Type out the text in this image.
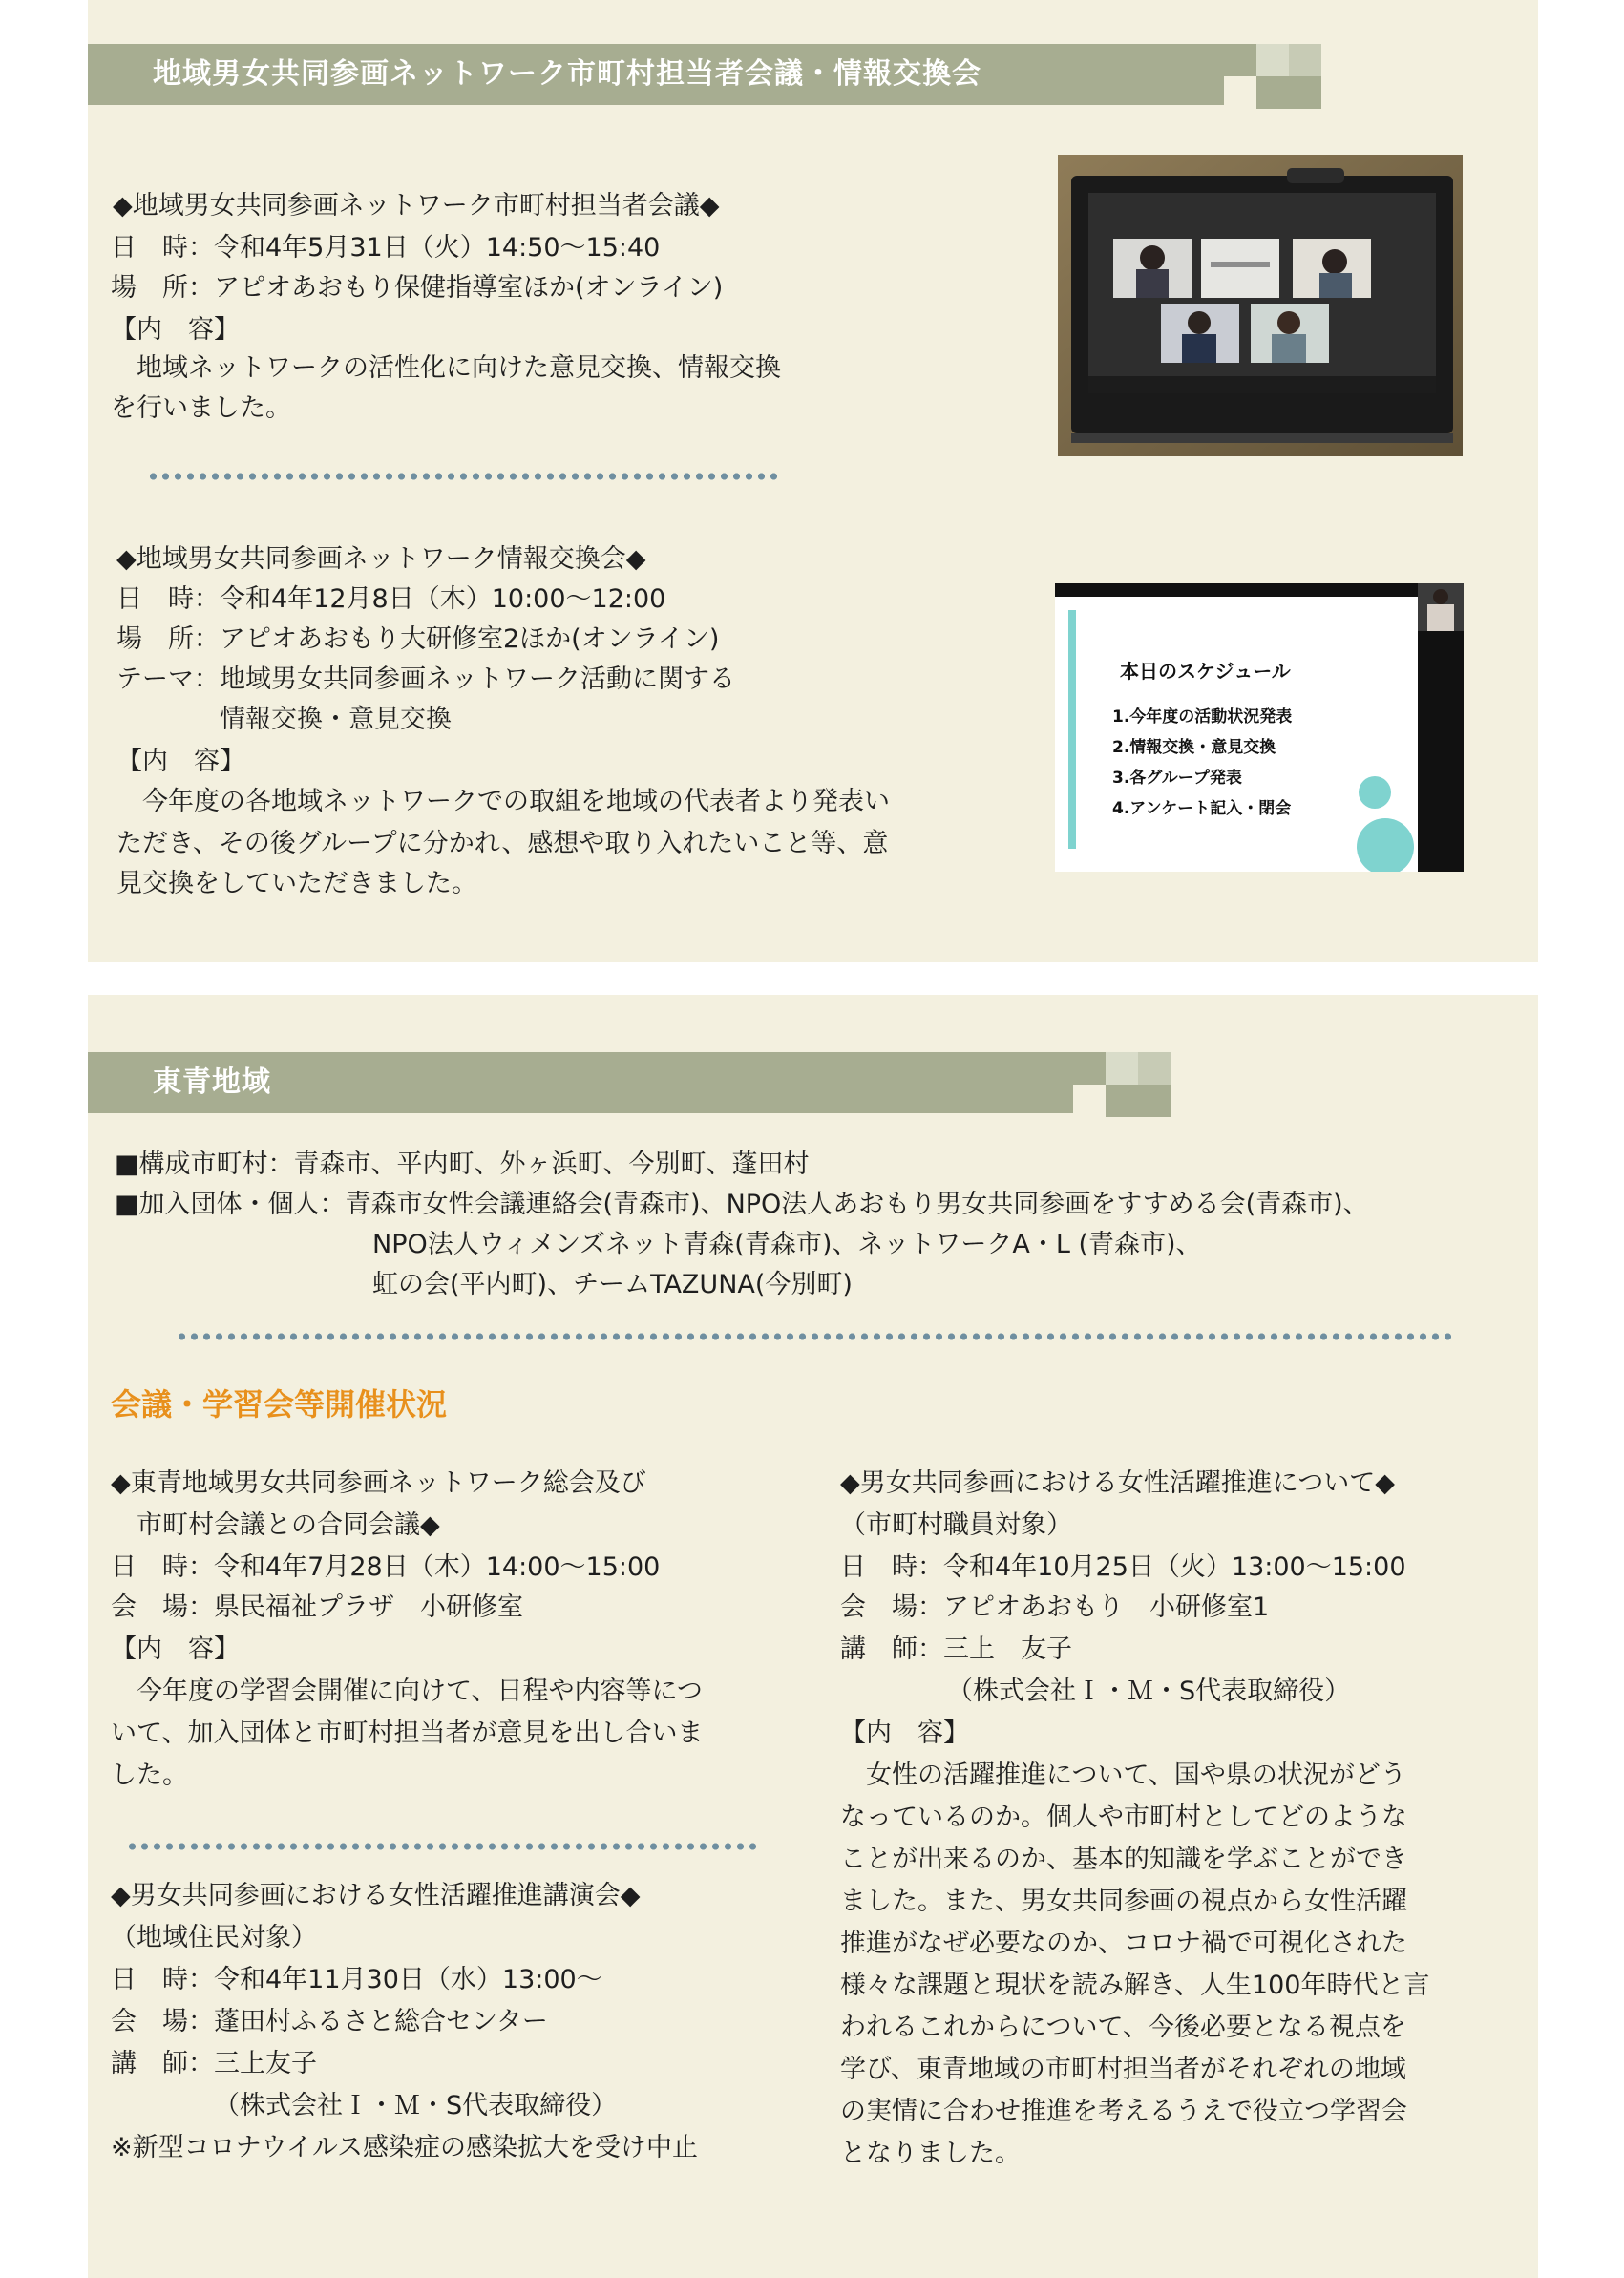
地域男女共同参画ネットワーク市町村担当者会議・情報交換会
◆地域男女共同参画ネットワーク市町村担当者会議◆
日　時：令和4年5月31日（火）14:50～15:40
場　所：アピオあおもり保健指導室ほか(オンライン)
【内　容】
　地域ネットワークの活性化に向けた意見交換、情報交換
を行いました。
◆地域男女共同参画ネットワーク情報交換会◆
日　時：令和4年12月8日（木）10:00～12:00
場　所：アピオあおもり大研修室2ほか(オンライン)
テーマ：地域男女共同参画ネットワーク活動に関する
　　　　情報交換・意見交換
【内　容】
　今年度の各地域ネットワークでの取組を地域の代表者より発表い
ただき、その後グループに分かれ、感想や取り入れたいこと等、意
見交換をしていただきました。
本日のスケジュール
1.今年度の活動状況発表
2.情報交換・意見交換
3.各グループ発表
4.アンケート記入・閉会
東青地域
■構成市町村：青森市、平内町、外ヶ浜町、今別町、蓬田村
■加入団体・個人：青森市女性会議連絡会(青森市)、NPO法人あおもり男女共同参画をすすめる会(青森市)、
NPO法人ウィメンズネット青森(青森市)、ネットワークA・L (青森市)、
虹の会(平内町)、チームTAZUNA(今別町)
会議・学習会等開催状況
◆東青地域男女共同参画ネットワーク総会及び
　市町村会議との合同会議◆
日　時：令和4年7月28日（木）14:00～15:00
会　場：県民福祉プラザ　小研修室
【内　容】
　今年度の学習会開催に向けて、日程や内容等につ
いて、加入団体と市町村担当者が意見を出し合いま
した。
◆男女共同参画における女性活躍推進講演会◆
（地域住民対象）
日　時：令和4年11月30日（水）13:00～
会　場：蓬田村ふるさと総合センター
講　師：三上友子
（株式会社Ｉ・Ｍ・S代表取締役）
※新型コロナウイルス感染症の感染拡大を受け中止
◆男女共同参画における女性活躍推進について◆
（市町村職員対象）
日　時：令和4年10月25日（火）13:00～15:00
会　場：アピオあおもり　小研修室1
講　師：三上　友子
（株式会社Ｉ・Ｍ・S代表取締役）
【内　容】
　女性の活躍推進について、国や県の状況がどう
なっているのか。個人や市町村としてどのような
ことが出来るのか、基本的知識を学ぶことができ
ました。また、男女共同参画の視点から女性活躍
推進がなぜ必要なのか、コロナ禍で可視化された
様々な課題と現状を読み解き、人生100年時代と言
われるこれからについて、今後必要となる視点を
学び、東青地域の市町村担当者がそれぞれの地域
の実情に合わせ推進を考えるうえで役立つ学習会
となりました。
